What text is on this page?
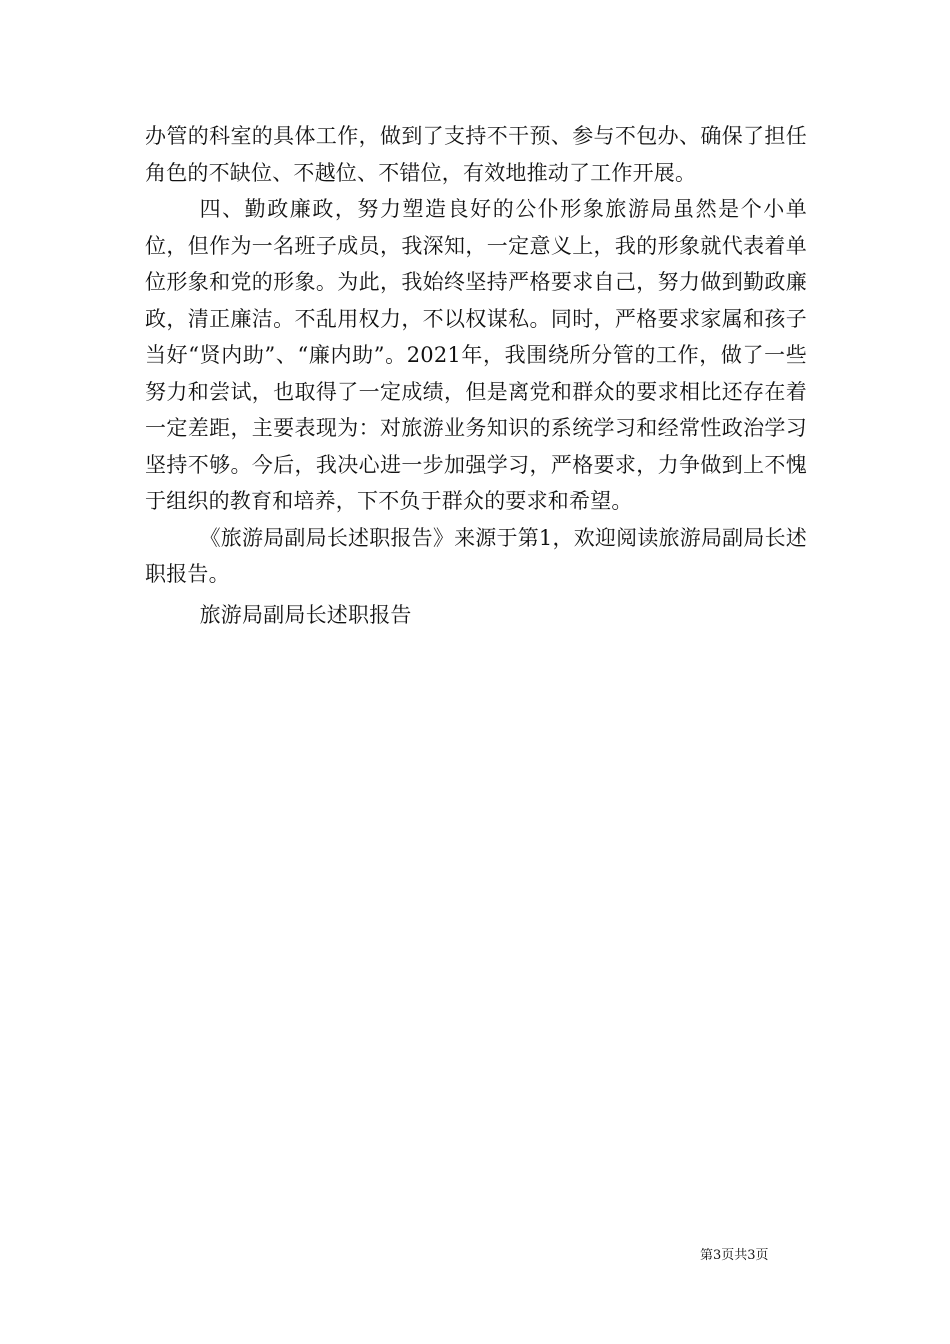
办管的科室的具体工作，做到了支持不干预、参与不包办、确保了担任角色的不缺位、不越位、不错位，有效地推动了工作开展。

四、勤政廉政，努力塑造良好的公仆形象旅游局虽然是个小单位，但作为一名班子成员，我深知，一定意义上，我的形象就代表着单位形象和党的形象。为此，我始终坚持严格要求自己，努力做到勤政廉政，清正廉洁。不乱用权力，不以权谋私。同时，严格要求家属和孩子当好“贤内助”、“廉内助”。2021年，我围绕所分管的工作，做了一些努力和尝试，也取得了一定成绩，但是离党和群众的要求相比还存在着一定差距，主要表现为：对旅游业务知识的系统学习和经常性政治学习坚持不够。今后，我决心进一步加强学习，严格要求，力争做到上不愧于组织的教育和培养，下不负于群众的要求和希望。

《旅游局副局长述职报告》来源于第1，欢迎阅读旅游局副局长述职报告。

旅游局副局长述职报告

第3页共3页
